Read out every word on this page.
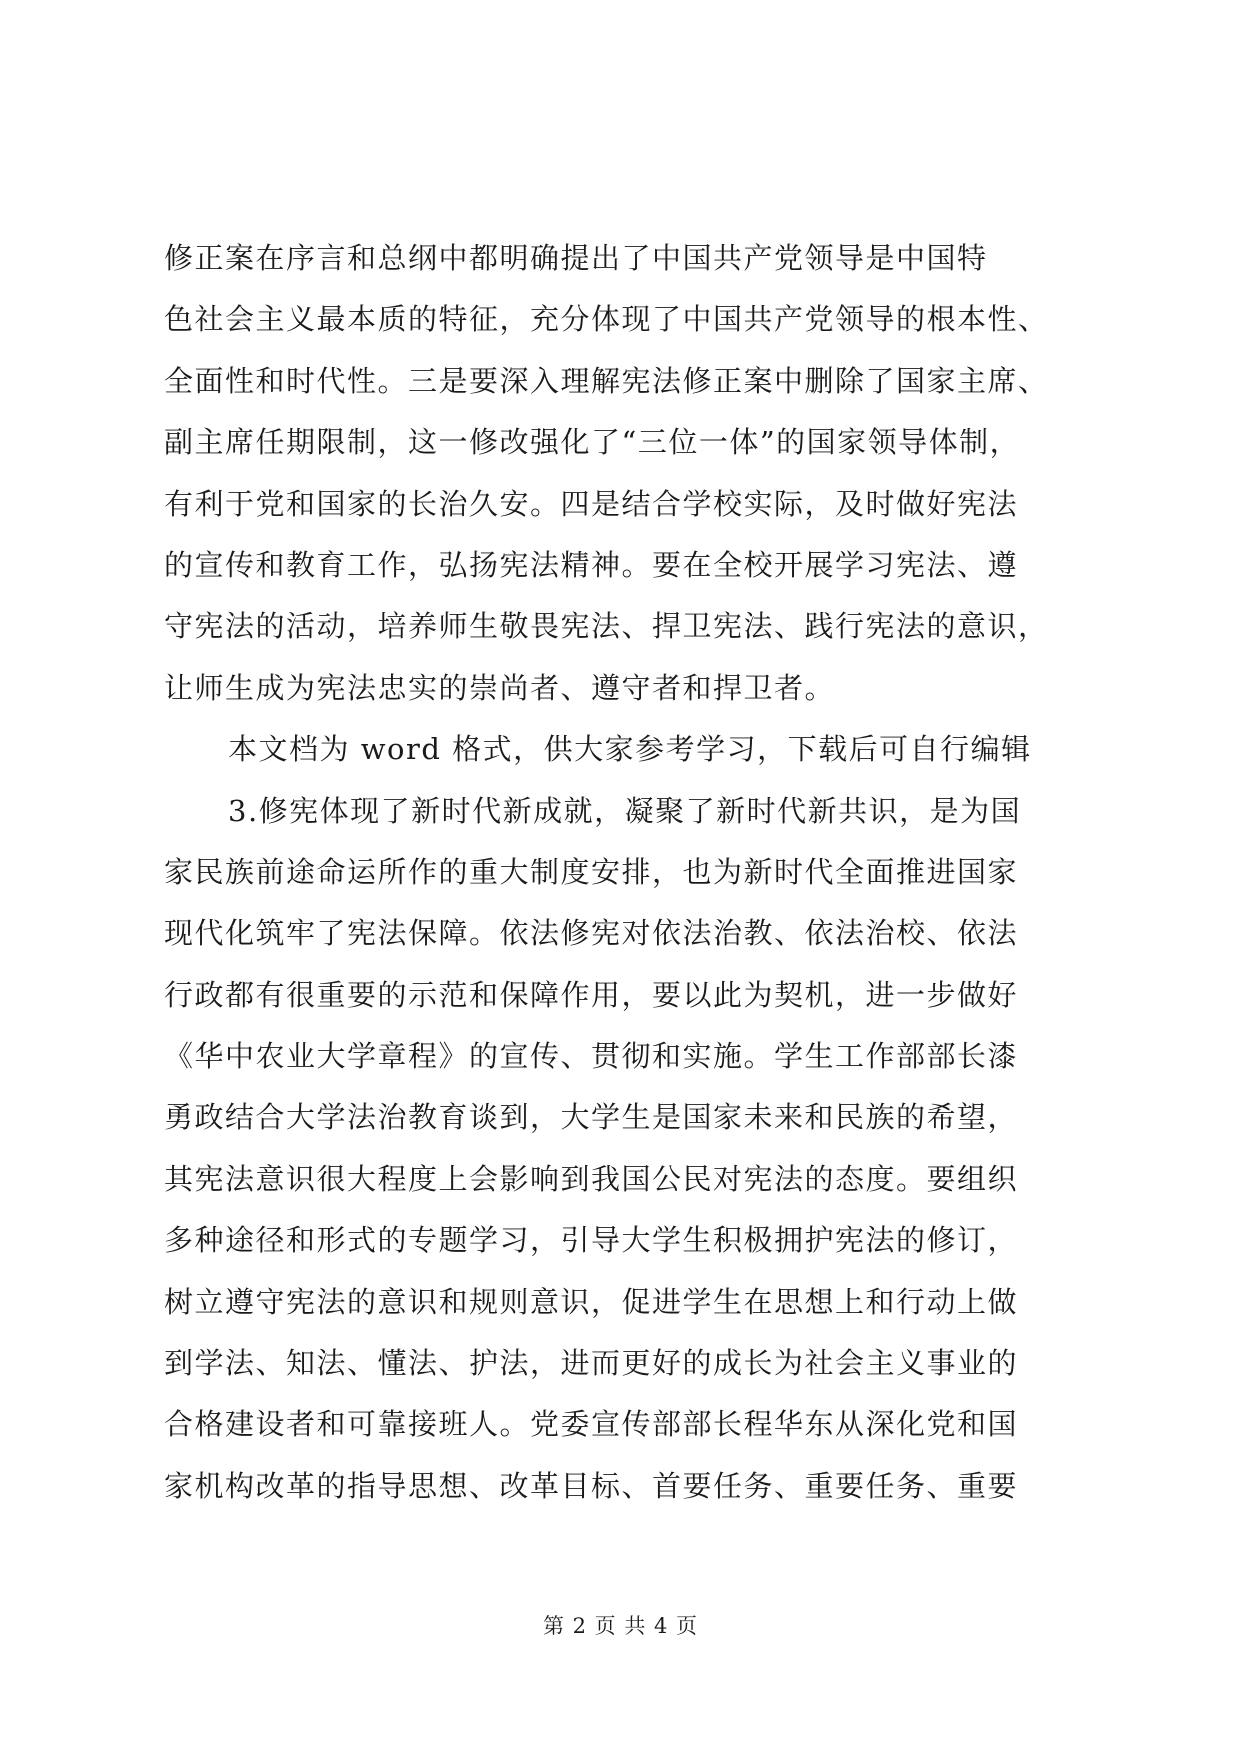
修正案在序言和总纲中都明确提出了中国共产党领导是中国特
色社会主义最本质的特征，充分体现了中国共产党领导的根本性、
全面性和时代性。三是要深入理解宪法修正案中删除了国家主席、
副主席任期限制，这一修改强化了“三位一体”的国家领导体制，
有利于党和国家的长治久安。四是结合学校实际，及时做好宪法
的宣传和教育工作，弘扬宪法精神。要在全校开展学习宪法、遵
守宪法的活动，培养师生敬畏宪法、捍卫宪法、践行宪法的意识，
让师生成为宪法忠实的崇尚者、遵守者和捍卫者。
本文档为 word 格式，供大家参考学习，下载后可自行编辑
3.修宪体现了新时代新成就，凝聚了新时代新共识，是为国
家民族前途命运所作的重大制度安排，也为新时代全面推进国家
现代化筑牢了宪法保障。依法修宪对依法治教、依法治校、依法
行政都有很重要的示范和保障作用，要以此为契机，进一步做好
《华中农业大学章程》的宣传、贯彻和实施。学生工作部部长漆
勇政结合大学法治教育谈到，大学生是国家未来和民族的希望，
其宪法意识很大程度上会影响到我国公民对宪法的态度。要组织
多种途径和形式的专题学习，引导大学生积极拥护宪法的修订，
树立遵守宪法的意识和规则意识，促进学生在思想上和行动上做
到学法、知法、懂法、护法，进而更好的成长为社会主义事业的
合格建设者和可靠接班人。党委宣传部部长程华东从深化党和国
家机构改革的指导思想、改革目标、首要任务、重要任务、重要
第 2 页 共 4 页
